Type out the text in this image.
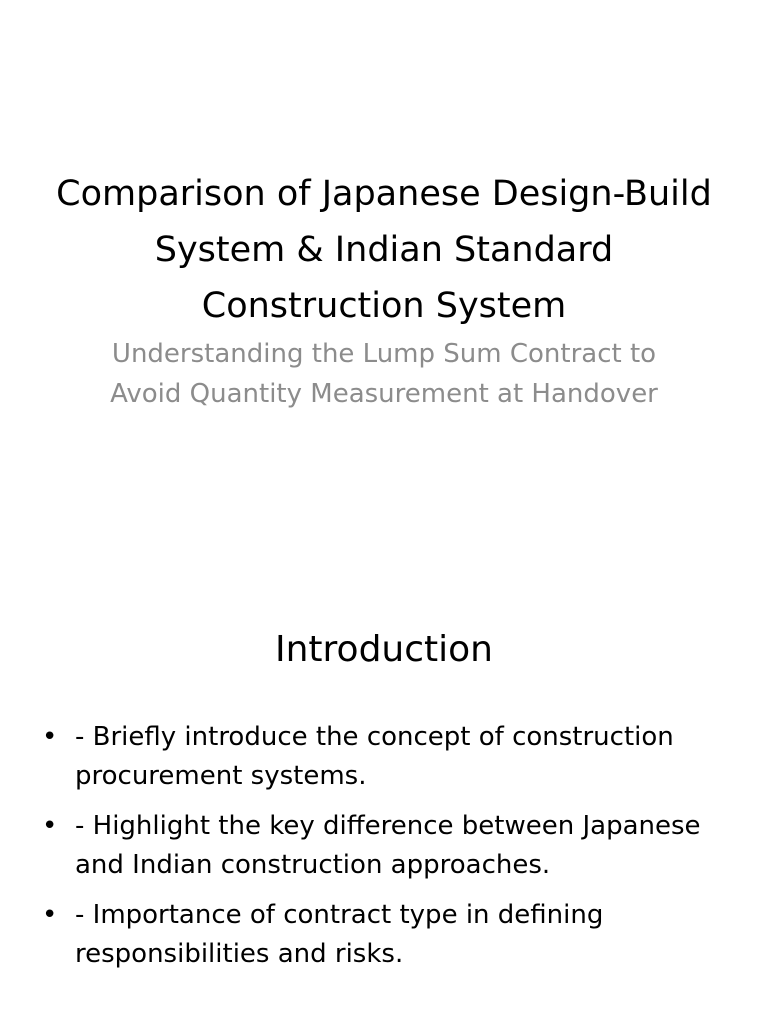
Comparison of Japanese Design-Build System & Indian Standard Construction System

Understanding the Lump Sum Contract to Avoid Quantity Measurement at Handover

Introduction
• - Briefly introduce the concept of construction procurement systems.
• - Highlight the key difference between Japanese and Indian construction approaches.
• - Importance of contract type in defining responsibilities and risks.
